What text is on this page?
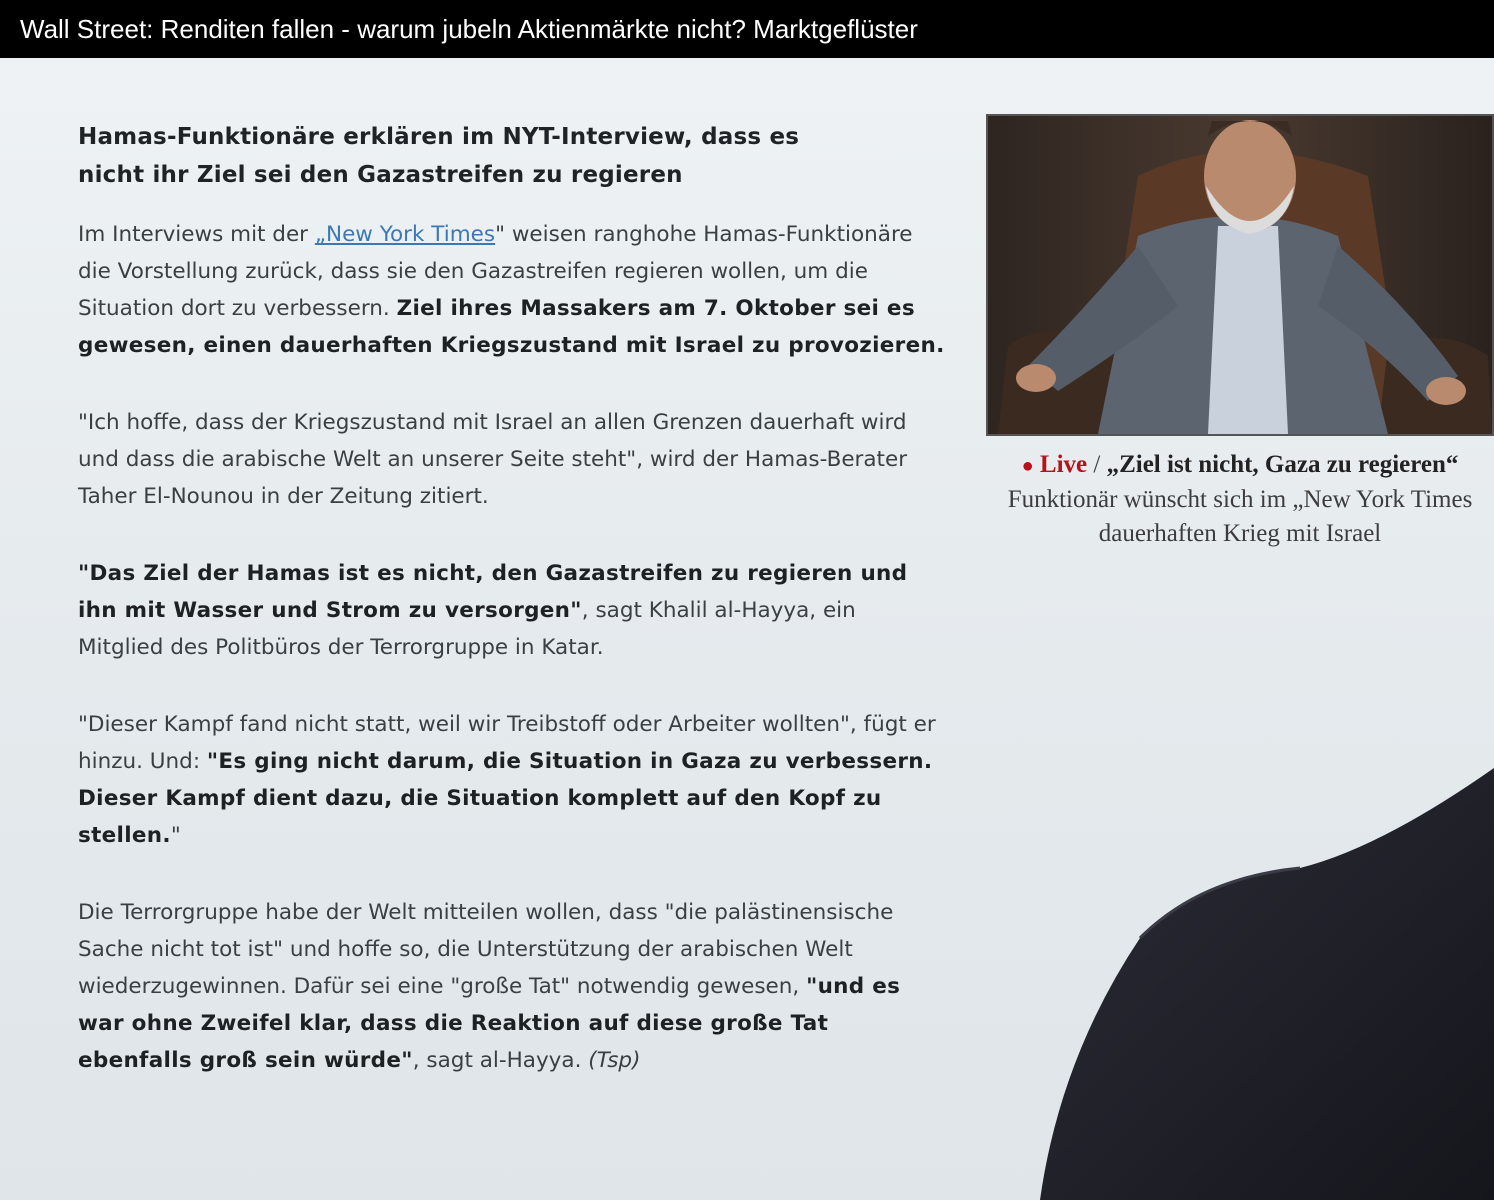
Wall Street: Renditen fallen - warum jubeln Aktienmärkte nicht? Marktgeflüster
Hamas-Funktionäre erklären im NYT-Interview, dass es
nicht ihr Ziel sei den Gazastreifen zu regieren

Im Interviews mit der „New York Times" weisen ranghohe Hamas-Funktionäre die Vorstellung zurück, dass sie den Gazastreifen regieren wollen, um die Situation dort zu verbessern. Ziel ihres Massakers am 7. Oktober sei es gewesen, einen dauerhaften Kriegszustand mit Israel zu provozieren.

"Ich hoffe, dass der Kriegszustand mit Israel an allen Grenzen dauerhaft wird und dass die arabische Welt an unserer Seite steht", wird der Hamas-Berater Taher El-Nounou in der Zeitung zitiert.

"Das Ziel der Hamas ist es nicht, den Gazastreifen zu regieren und ihn mit Wasser und Strom zu versorgen", sagt Khalil al-Hayya, ein Mitglied des Politbüros der Terrorgruppe in Katar.

"Dieser Kampf fand nicht statt, weil wir Treibstoff oder Arbeiter wollten", fügt er hinzu. Und: "Es ging nicht darum, die Situation in Gaza zu verbessern. Dieser Kampf dient dazu, die Situation komplett auf den Kopf zu stellen."

Die Terrorgruppe habe der Welt mitteilen wollen, dass "die palästinensische Sache nicht tot ist" und hoffe so, die Unterstützung der arabischen Welt wiederzugewinnen. Dafür sei eine "große Tat" notwendig gewesen, "und es war ohne Zweifel klar, dass die Reaktion auf diese große Tat ebenfalls groß sein würde", sagt al-Hayya. (Tsp)

● Live / „Ziel ist nicht, Gaza zu regieren“
Funktionär wünscht sich im „New York Times
dauerhaften Krieg mit Israel
